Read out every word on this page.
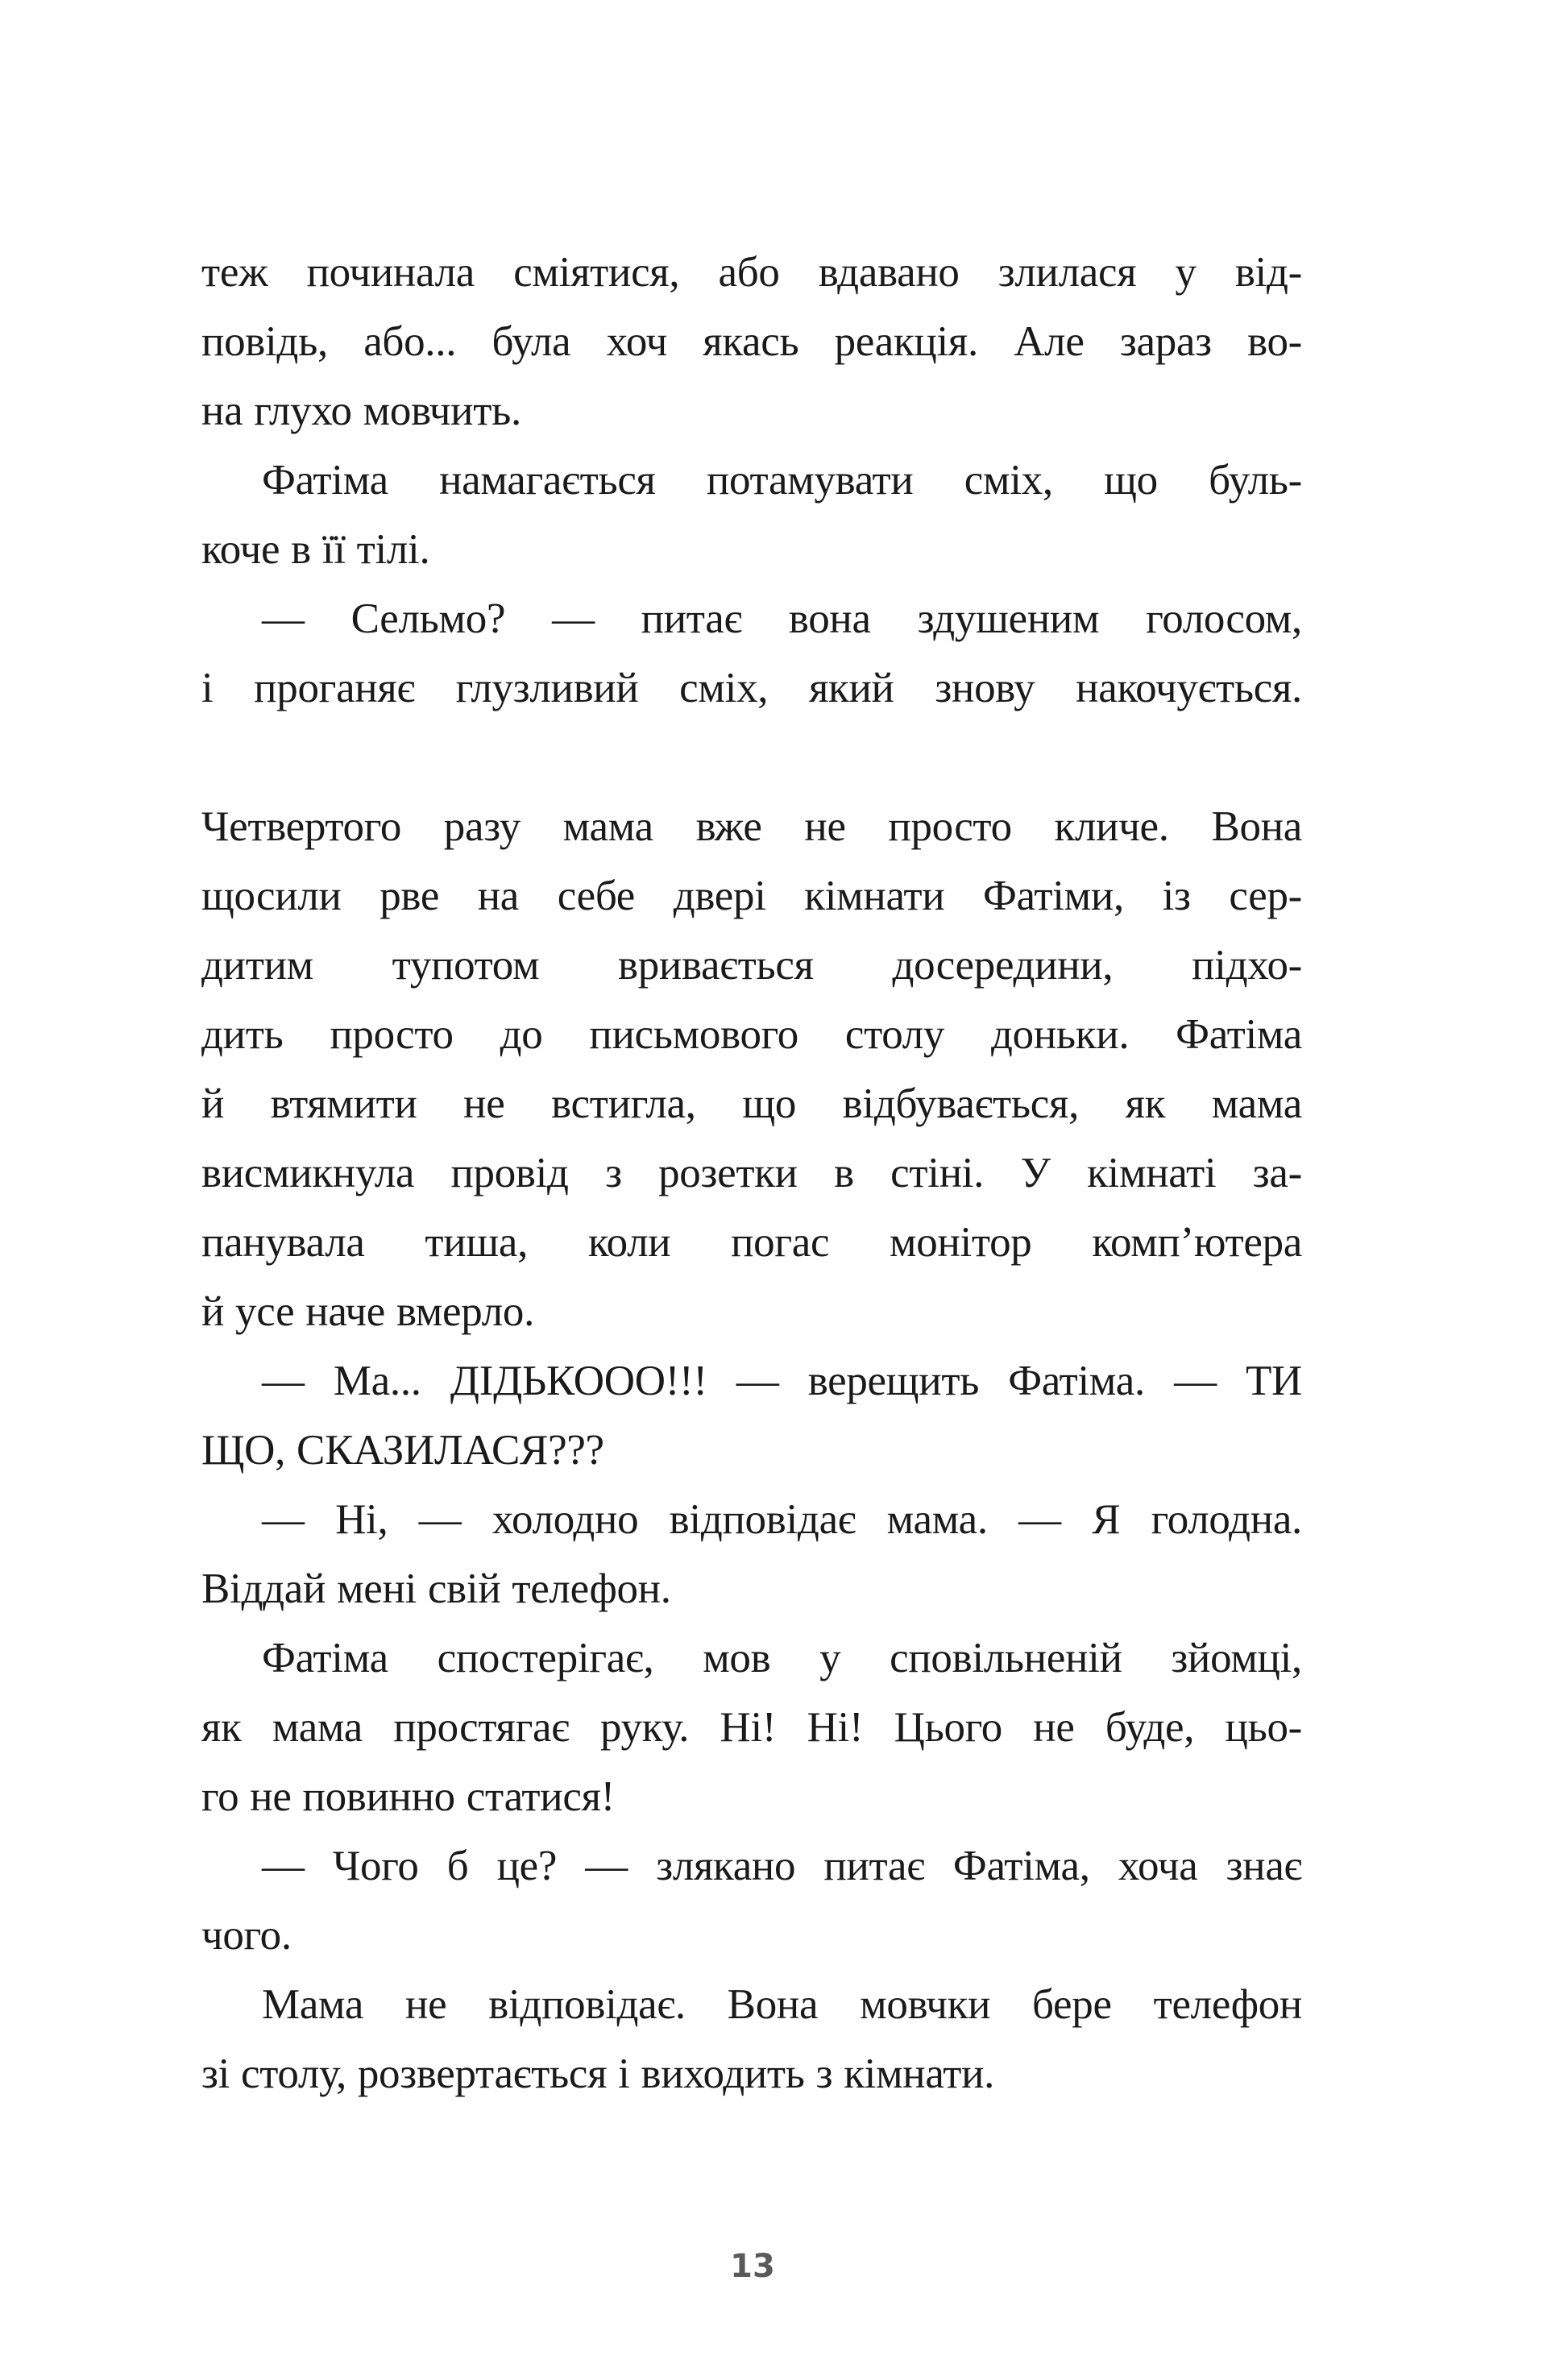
теж починала сміятися, або вдавано злилася у від-
повідь, або... була хоч якась реакція. Але зараз во-
на глухо мовчить.
Фатіма намагається потамувати сміх, що буль-
коче в її тілі.
— Сельмо? — питає вона здушеним голосом,
і проганяє глузливий сміх, який знову накочується.
Четвертого разу мама вже не просто кличе. Вона
щосили рве на себе двері кімнати Фатіми, із сер-
дитим тупотом вривається досередини, підхо-
дить просто до письмового столу доньки. Фатіма
й втямити не встигла, що відбувається, як мама
висмикнула провід з розетки в стіні. У кімнаті за-
панувала тиша, коли погас монітор комп’ютера
й усе наче вмерло.
— Ма... ДІДЬКООО!!! — верещить Фатіма. — ТИ
ЩО, СКАЗИЛАСЯ???
— Ні, — холодно відповідає мама. — Я голодна.
Віддай мені свій телефон.
Фатіма спостерігає, мов у сповільненій зйомці,
як мама простягає руку. Ні! Ні! Цього не буде, цьо-
го не повинно статися!
— Чого б це? — злякано питає Фатіма, хоча знає
чого.
Мама не відповідає. Вона мовчки бере телефон
зі столу, розвертається і виходить з кімнати.
13
